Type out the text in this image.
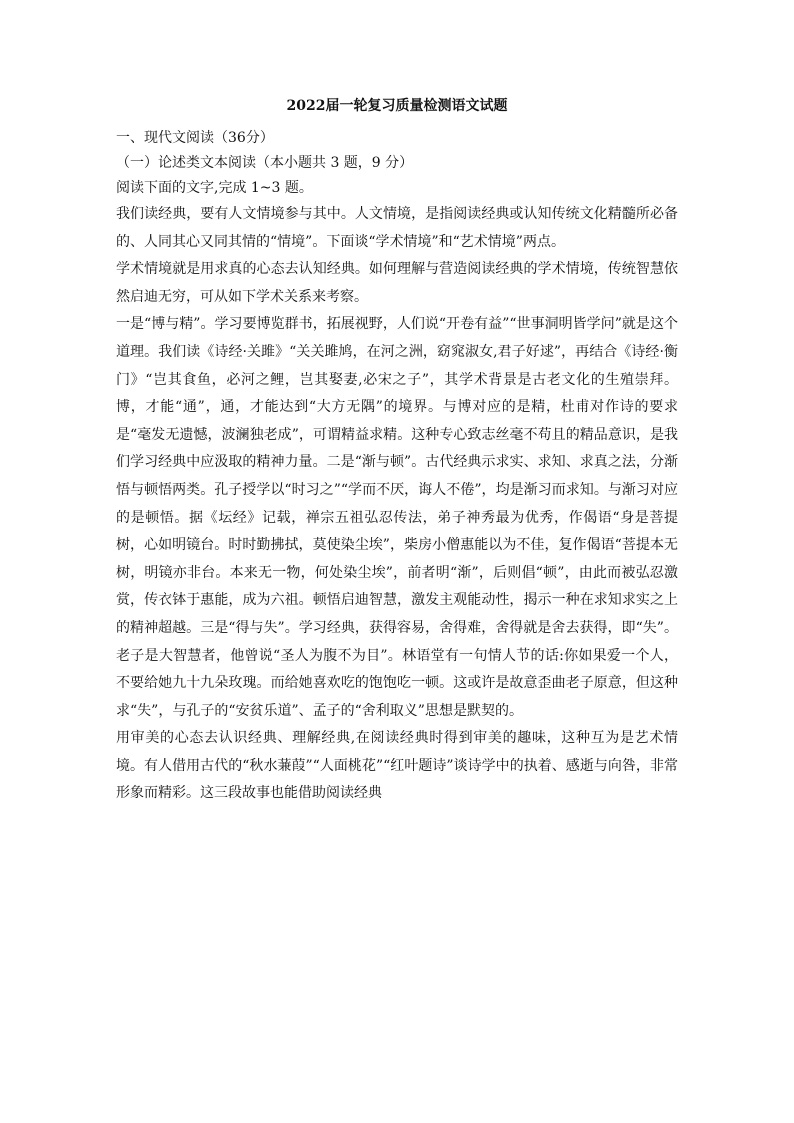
2022届一轮复习质量检测语文试题

一、现代文阅读（36分）

（一）论述类文本阅读（本小题共 3 题，9 分）

阅读下面的文字,完成 1~3 题。

我们读经典，要有人文情境参与其中。人文情境，是指阅读经典或认知传统文化精髓所必备的、人同其心又同其情的“情境”。下面谈“学术情境”和“艺术情境”两点。

学术情境就是用求真的心态去认知经典。如何理解与营造阅读经典的学术情境，传统智慧依然启迪无穷，可从如下学术关系来考察。

一是“博与精”。学习要博览群书，拓展视野，人们说“开卷有益”“世事洞明皆学问”就是这个道理。我们读《诗经·关雎》“关关雎鸠，在河之洲，窈窕淑女,君子好逑”，再结合《诗经·衡门》“岂其食鱼，必河之鲤，岂其娶妻,必宋之子”，其学术背景是古老文化的生殖崇拜。博，才能“通”，通，才能达到“大方无隅”的境界。与博对应的是精，杜甫对作诗的要求是“毫发无遗憾，波澜独老成”，可谓精益求精。这种专心致志丝毫不苟且的精品意识，是我们学习经典中应汲取的精神力量。二是“渐与顿”。古代经典示求实、求知、求真之法，分渐悟与顿悟两类。孔子授学以“时习之”“学而不厌，诲人不倦”，均是渐习而求知。与渐习对应的是顿悟。据《坛经》记载，禅宗五祖弘忍传法，弟子神秀最为优秀，作偈语“身是菩提树，心如明镜台。时时勤拂拭，莫使染尘埃”，柴房小僧惠能以为不佳，复作偈语“菩提本无树，明镜亦非台。本来无一物，何处染尘埃”，前者明“渐”，后则倡“顿”，由此而被弘忍激赏，传衣钵于惠能，成为六祖。顿悟启迪智慧，激发主观能动性，揭示一种在求知求实之上的精神超越。三是“得与失”。学习经典，获得容易，舍得难，舍得就是舍去获得，即“失”。老子是大智慧者，他曾说“圣人为腹不为目”。林语堂有一句情人节的话:你如果爱一个人，不要给她九十九朵玫瑰。而给她喜欢吃的饱饱吃一顿。这或许是故意歪曲老子原意，但这种求“失”，与孔子的“安贫乐道”、孟子的“舍利取义”思想是默契的。

用审美的心态去认识经典、理解经典,在阅读经典时得到审美的趣味，这种互为是艺术情境。有人借用古代的“秋水蒹葭”“人面桃花”“红叶题诗”谈诗学中的执着、感逝与向咎，非常形象而精彩。这三段故事也能借助阅读经典
